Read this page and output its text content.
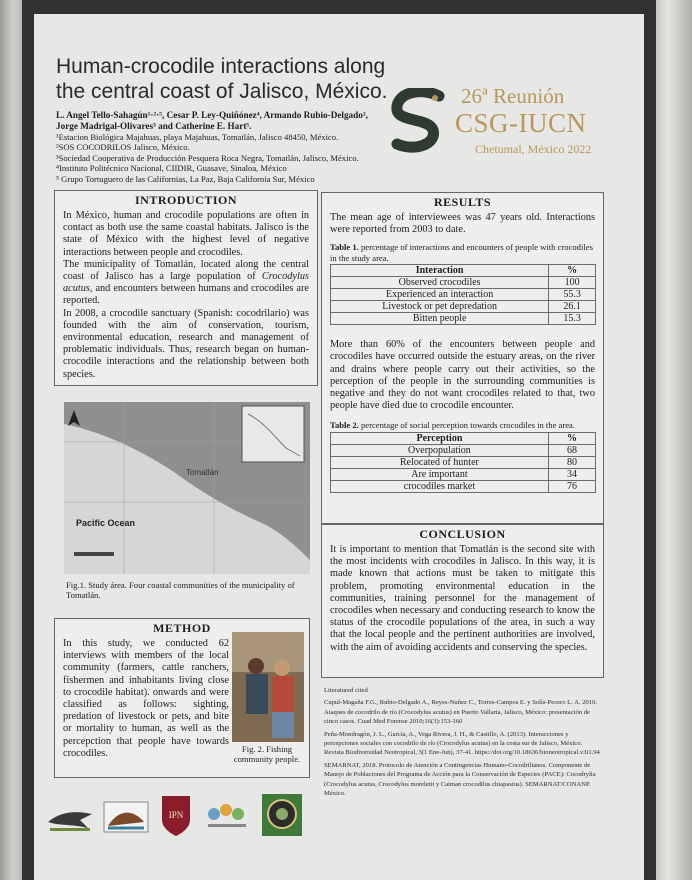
Human-crocodile interactions along
the central coast of Jalisco, México.
L. Angel Tello-Sahagún¹·²·⁵, Cesar P. Ley-Quiñónez⁴, Armando Rubio-Delgado²,
Jorge Madrigal-Olivares³ and Catherine E. Hart⁵.
¹Estacion Biológica Majahuas, playa Majahuas, Tomatlán, Jalisco 48450, México.
²SOS COCODRILOS Jalisco, México.
³Sociedad Cooperativa de Producción Pesquera Roca Negra, Tomatlán, Jalisco, México.
⁴Instituto Politécnico Nacional, CIIDIR, Guasave, Sinaloa, México
⁵ Grupo Tortuguero de las Californias, La Paz, Baja California Sur, México
26ª Reunión
CSG-IUCN
Chetumal, México 2022
INTRODUCTION

In México, human and crocodile populations are often in contact as both use the same coastal habitats. Jalisco is the state of México with the highest level of negative interactions between people and crocodiles.

The municipality of Tomatlán, located along the central coast of Jalisco has a large population of Crocodylus acutus, and encounters between humans and crocodiles are reported.

In 2008, a crocodile sanctuary (Spanish: cocodrilario) was founded with the aim of conservation, tourism, environmental education, research and management of problematic individuals. Thus, research began on human-crocodile interactions and the relationship between both species.

Tomatlán
Pacific Ocean
Fig.1. Study área. Four coastal communities of the municipality of Tomatlán.
METHOD
In this study, we conducted 62 interviews with members of the local community (farmers, cattle ranchers, fishermen and inhabitants living close to crocodile habitat). onwards and were classified as follows: sighting, predation of livestock or pets, and bite or mortality to human, as well as the percepction that people have towards crocodiles.	Fig. 2. Fishing community people.
RESULTS
The mean age of interviewees was 47 years old. Interactions were reported from 2003 to date.
Table 1. percentage of interactions and encounters of people with crocodiles in the study area.
Interaction	%
Observed crocodiles	100
Experienced an interaction	55.3
Livestock or pet depredation	26.1
Bitten people	15.3
More than 60% of the encounters between people and crocodiles have occurred outside the estuary areas, on the river and drains where people carry out their activities, so the perception of the people in the surrounding communities is negative and they do not want crocodiles related to that, two people have died due to crocodile encounter.
Table 2. percentage of social perception towards crocodiles in the area.
Perception	%
Overpopulation	68
Relocated of hunter	80
Are important	34
crocodiles market	76
CONCLUSION
It is important to mention that Tomatlán is the second site with the most incidents with crocodiles in Jalisco. In this way, it is made known that actions must be taken to mitigate this problem, promoting environmental education in the communities, training personnel for the management of crocodiles when necessary and conducting research to know the status of the crocodile populations of the area, in such a way that the local people and the pertinent authorities are involved, with the aim of avoiding accidents and conserving the species.

Literatured cited

Cupul-Magaña F.G., Rubio-Delgado A., Reyes-Nuñez C., Torres-Campos E. y Solís-Pecero L. A. 2010. Ataques de cocodrilo de río (Crocodylus acutus) en Puerto Vallarta, Jalisco, México: presentación de cinco casos. Cuad Med Forense 2010;16(3):153-160

Peña-Mondragón, J. L., García, A., Vega Rivera, J. H., & Castillo, A. (2013). Interacciones y percepciones sociales con cocodrilo de río (Crocodylus acutus) en la costa sur de Jalisco, México. Revista Biodiversidad Neotropical, 3(1 Ene-Jun), 37-41. https://doi.org/10.18636/bioneotropical.v3i1.94

SEMARNAT, 2018. Protocolo de Atención a Contingencias Humano-Cocodrilianos. Componente de Manejo de Poblaciones del Programa de Acción para la Conservación de Especies (PACE): Cocodrylia (Crocodylus acutus, Crocodylus moreletii y Caiman crocodilus chiapasius). SEMARNAT/CONANP. México.

IPN
